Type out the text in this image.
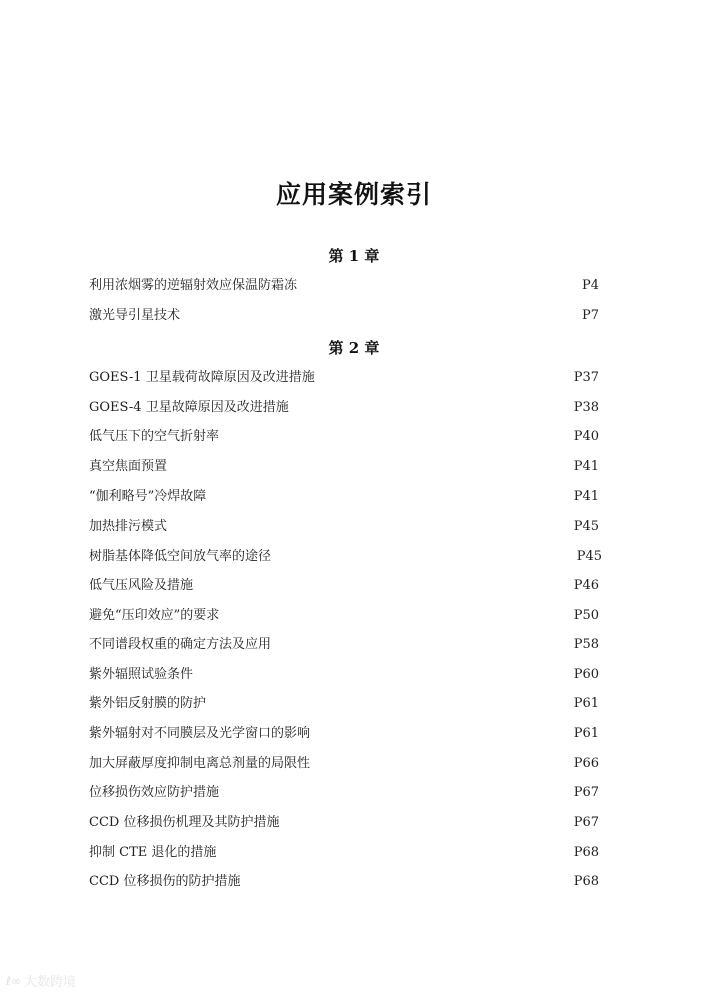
应用案例索引
第 1 章
利用浓烟雾的逆辐射效应保温防霜冻	P4
激光导引星技术	P7
第 2 章
GOES-1 卫星载荷故障原因及改进措施	P37
GOES-4 卫星故障原因及改进措施	P38
低气压下的空气折射率	P40
真空焦面预置	P41
“伽利略号”冷焊故障	P41
加热排污模式	P45
树脂基体降低空间放气率的途径	P45
低气压风险及措施	P46
避免“压印效应”的要求	P50
不同谱段权重的确定方法及应用	P58
紫外辐照试验条件	P60
紫外铝反射膜的防护	P61
紫外辐射对不同膜层及光学窗口的影响	P61
加大屏蔽厚度抑制电离总剂量的局限性	P66
位移损伤效应防护措施	P67
CCD 位移损伤机理及其防护措施	P67
抑制 CTE 退化的措施	P68
CCD 位移损伤的防护措施	P68
ℓ∞ 大数跨境
